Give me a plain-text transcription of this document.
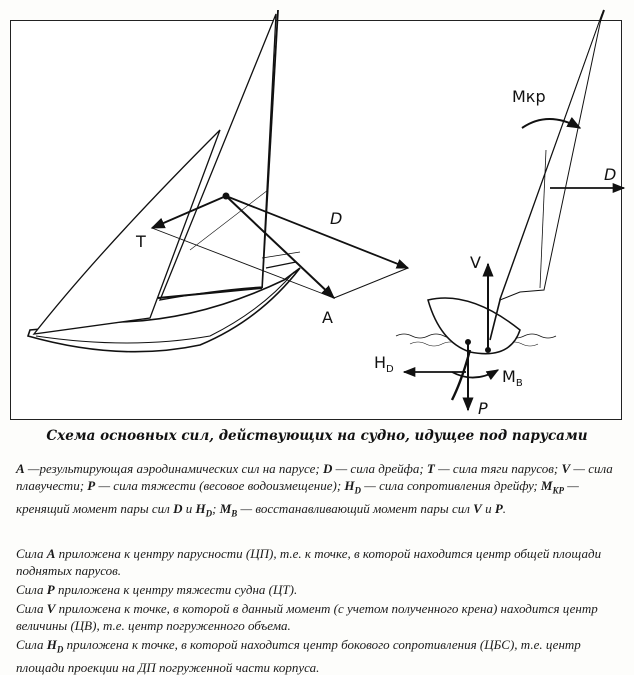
T
D
A
Mкр
D
V
$H_D$	$M_B$
P
Схема основных сил, действующих на судно, идущее под парусами

A —результирующая аэродинамических сил на парусе; D — сила дрейфа; T — сила тяги парусов; V — сила плавучести; P — сила тяжести (весовое водоизмещение); $H_D$ — сила сопротивления дрейфу; $M_{KP}$ — кренящий момент пары сил D и $H_D$; $M_B$ — восстанавливающий момент пары сил V и P.

Сила A приложена к центру парусности (ЦП), т.е. к точке, в которой находится центр общей площади поднятых парусов.

Сила P приложена к центру тяжести судна (ЦТ).

Сила V приложена к точке, в которой в данный момент (с учетом полученного крена) находится центр величины (ЦВ), т.е. центр погруженного объема.

Сила $H_D$ приложена к точке, в которой находится центр бокового сопротивления (ЦБС), т.е. центр площади проекции на ДП погруженной части корпуса.
